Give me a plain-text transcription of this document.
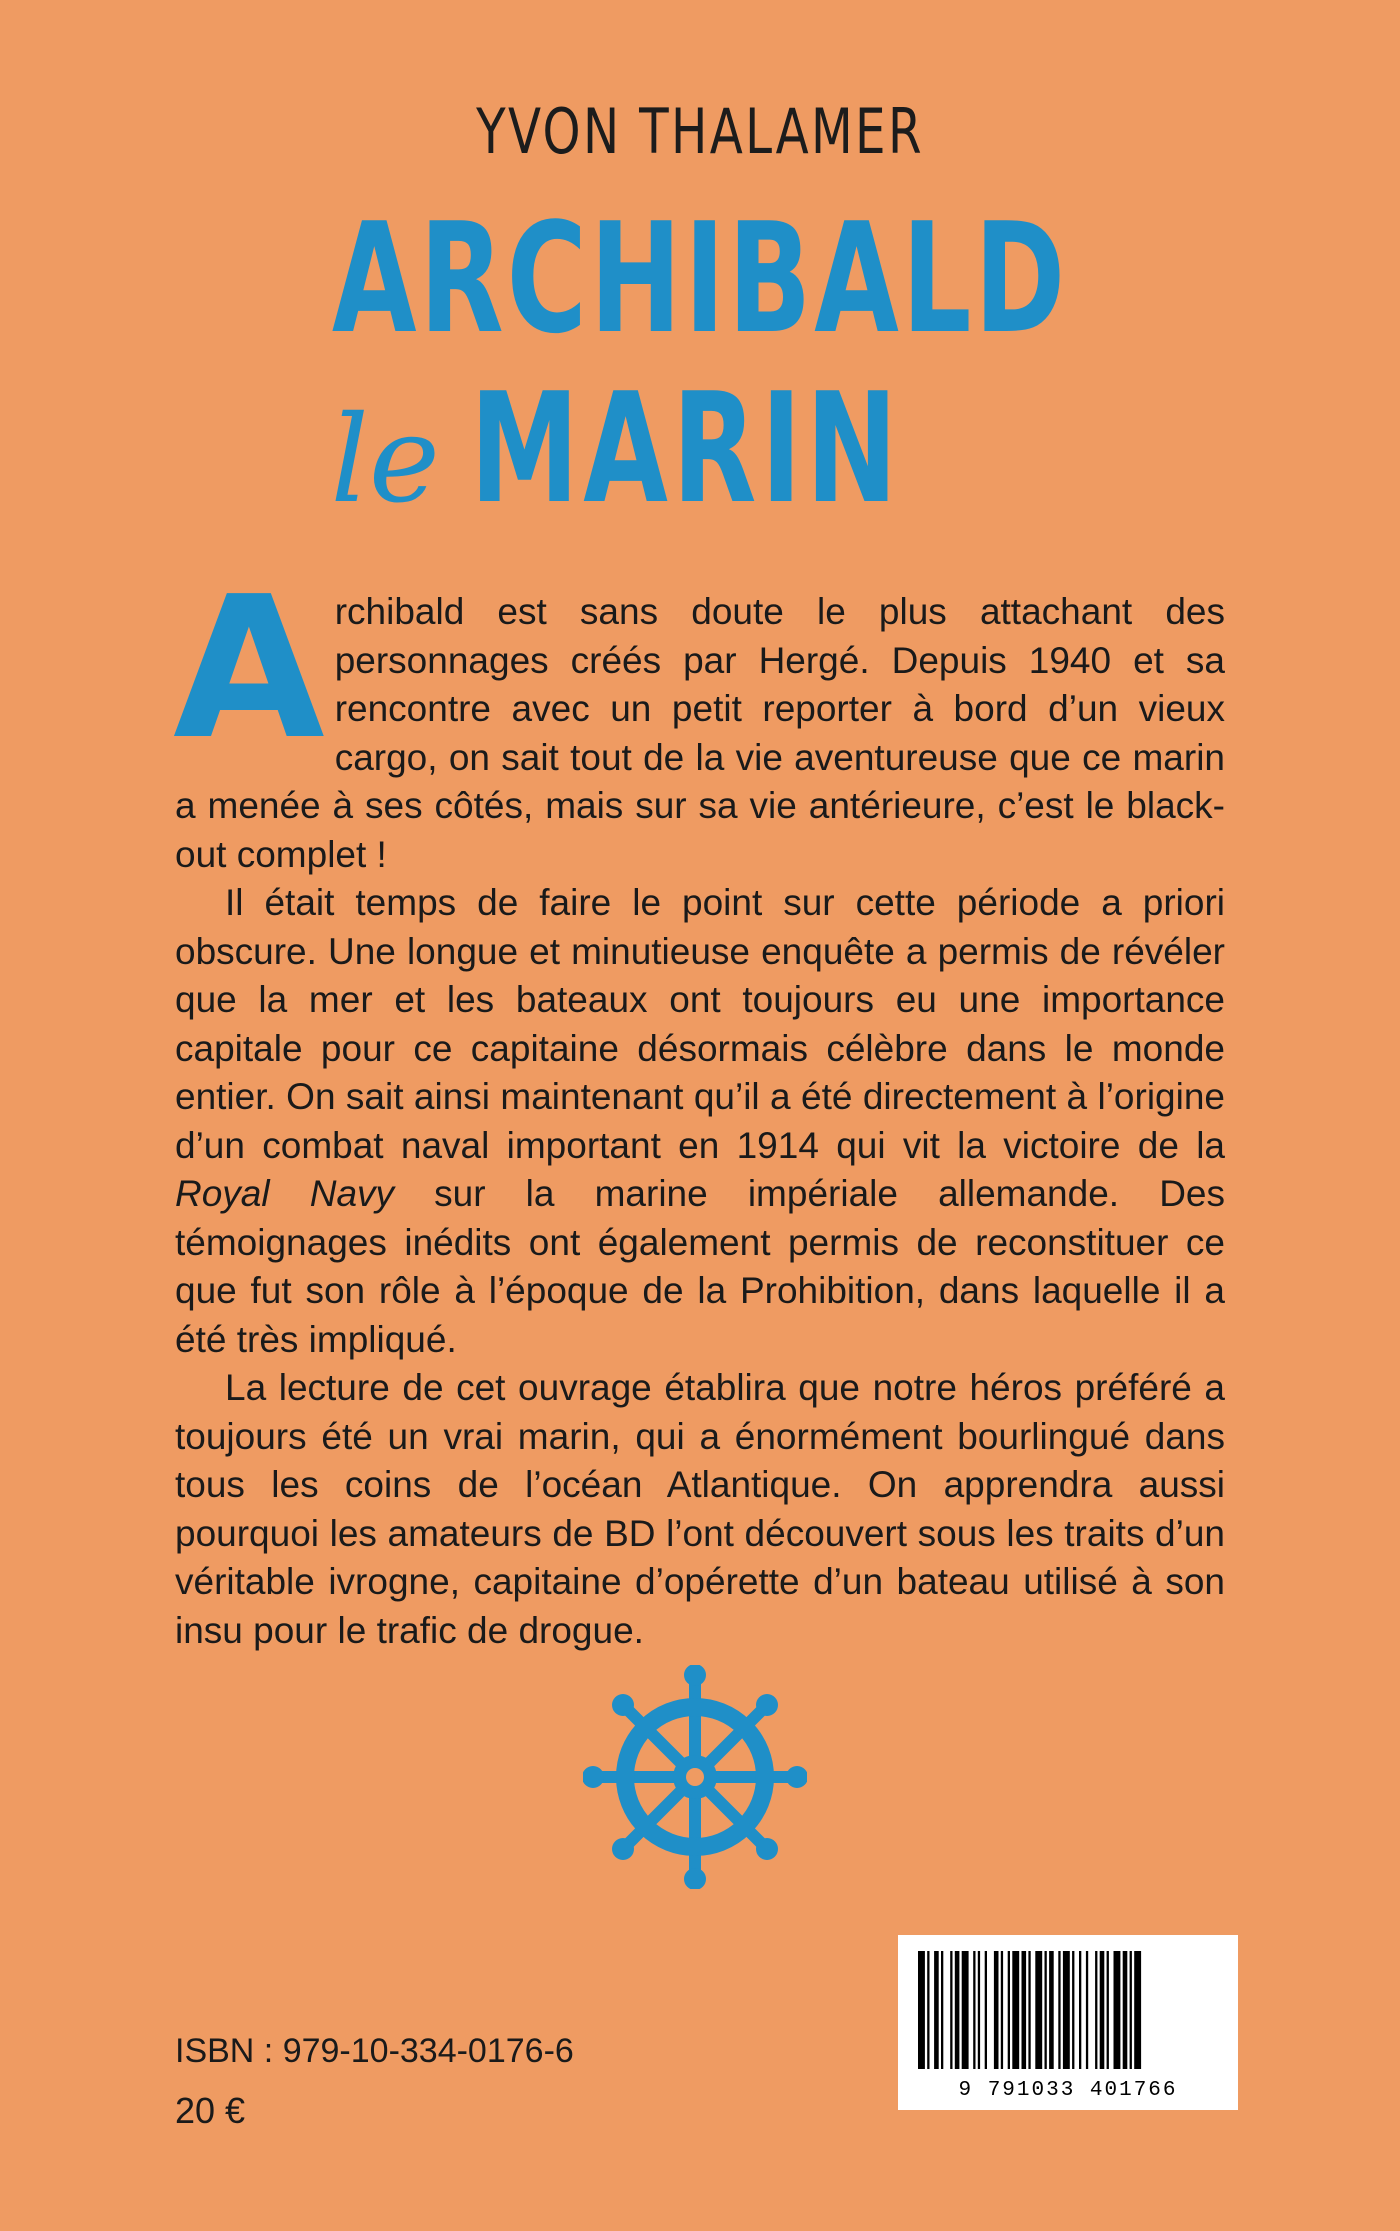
YVON THALAMER
ARCHIBALD
le MARIN

Archibald est sans doute le plus attachant des personnages créés par Hergé. Depuis 1940 et sa rencontre avec un petit reporter à bord d’un vieux cargo, on sait tout de la vie aventureuse que ce marin a menée à ses côtés, mais sur sa vie antérieure, c’est le black-out complet !

Il était temps de faire le point sur cette période a priori obscure. Une longue et minutieuse enquête a permis de révéler que la mer et les bateaux ont toujours eu une importance capitale pour ce capitaine désormais célèbre dans le monde entier. On sait ainsi maintenant qu’il a été directement à l’origine d’un combat naval important en 1914 qui vit la victoire de la Royal Navy sur la marine impériale allemande. Des témoignages inédits ont également permis de reconstituer ce que fut son rôle à l’époque de la Prohibition, dans laquelle il a été très impliqué.

La lecture de cet ouvrage établira que notre héros préféré a toujours été un vrai marin, qui a énormément bourlingué dans tous les coins de l’océan Atlantique. On apprendra aussi pourquoi les amateurs de BD l’ont découvert sous les traits d’un véritable ivrogne, capitaine d’opérette d’un bateau utilisé à son insu pour le trafic de drogue.

ISBN : 979-10-334-0176-6
20 €	9 791033 401766
